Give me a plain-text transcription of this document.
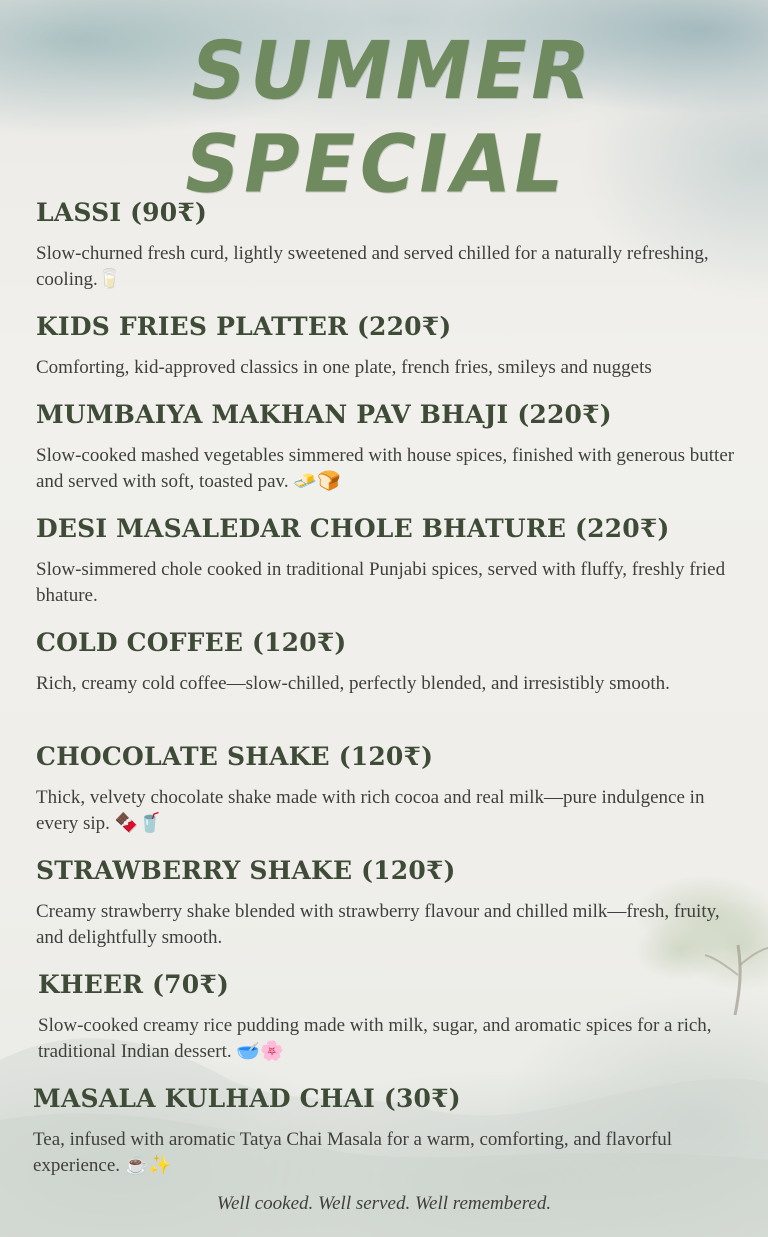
SUMMER SPECIAL
LASSI (90₹)
Slow-churned fresh curd, lightly sweetened and served chilled for a naturally refreshing, cooling.🥛
KIDS FRIES PLATTER (220₹)
Comforting, kid-approved classics in one plate, french fries, smileys and nuggets
MUMBAIYA MAKHAN PAV BHAJI (220₹)
Slow-cooked mashed vegetables simmered with house spices, finished with generous butter and served with soft, toasted pav. 🧈🍞
DESI MASALEDAR CHOLE BHATURE (220₹)
Slow-simmered chole cooked in traditional Punjabi spices, served with fluffy, freshly fried bhature.
COLD COFFEE (120₹)
Rich, creamy cold coffee—slow-chilled, perfectly blended, and irresistibly smooth.
CHOCOLATE SHAKE (120₹)
Thick, velvety chocolate shake made with rich cocoa and real milk—pure indulgence in every sip. 🍫🥤
STRAWBERRY SHAKE (120₹)
Creamy strawberry shake blended with strawberry flavour and chilled milk—fresh, fruity, and delightfully smooth.
KHEER (70₹)
Slow-cooked creamy rice pudding made with milk, sugar, and aromatic spices for a rich, traditional Indian dessert. 🥣🌸
MASALA KULHAD CHAI (30₹)
Tea, infused with aromatic Tatya Chai Masala for a warm, comforting, and flavorful experience. ☕✨
Well cooked. Well served. Well remembered.
